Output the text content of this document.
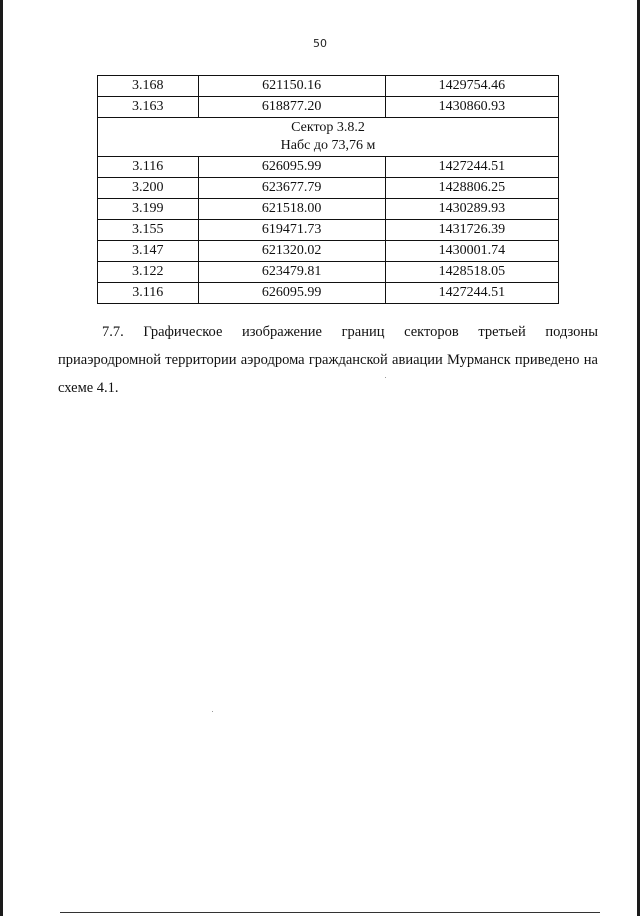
50
3.168	621150.16	1429754.46
3.163	618877.20	1430860.93

Сектор 3.8.2
Набс до 73,76 м		

3.116	626095.99	1427244.51
3.200	623677.79	1428806.25
3.199	621518.00	1430289.93
3.155	619471.73	1431726.39
3.147	621320.02	1430001.74
3.122	623479.81	1428518.05
3.116	626095.99	1427244.51
7.7. Графическое изображение границ секторов третьей подзоны
приаэродромной территории аэродрома гражданской авиации Мурманск приведено на
схеме 4.1.
